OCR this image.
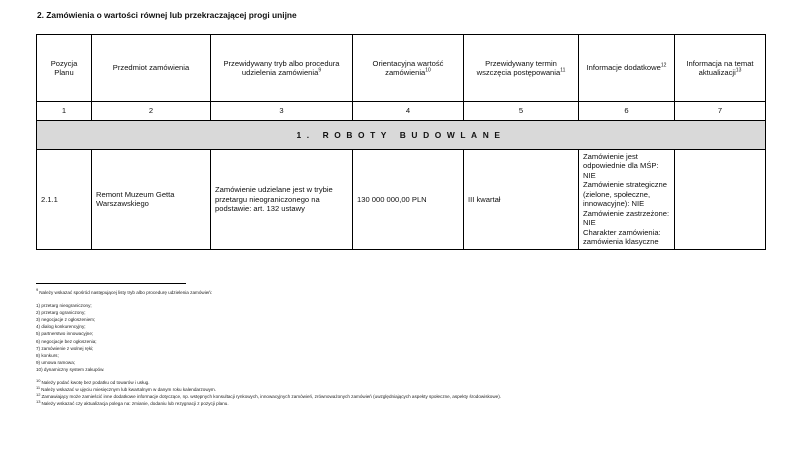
2. Zamówienia o wartości równej lub przekraczającej progi unijne
Pozycja Planu	Przedmiot zamówienia	Przewidywany tryb albo procedura udzielenia zamówienia$^9$	Orientacyjna wartość zamówienia$^{10}$	Przewidywany termin wszczęcia postępowania$^{11}$	Informacje dodatkowe$^{12}$	Informacja na temat aktualizacji$^{13}$
1	2	3	4	5	6	7
1. ROBOTY BUDOWLANE						
2.1.1	Remont Muzeum Getta Warszawskiego	Zamówienie udzielane jest w trybie przetargu nieograniczonego na podstawie: art. 132 ustawy	130 000 000,00 PLN	III kwartał	Zamówienie jest odpowiednie dla MŚP: NIE
Zamówienie strategiczne (zielone, społeczne, innowacyjne): NIE
Zamówienie zastrzeżone: NIE
Charakter zamówienia: zamówienia klasyczne	

9Należy wskazać spośród następującej listy tryb albo procedurę udzielenia zamówień:
1) przetarg nieograniczony;
2) przetarg ograniczony;
3) negocjacje z ogłoszeniem;
4) dialog konkurencyjny;
5) partnerstwo innowacyjne;
6) negocjacje bez ogłoszenia;
7) zamówienie z wolnej ręki;
8) konkurs;
9) umowa ramowa;
10) dynamiczny system zakupów.
10Należy podać kwotę bez podatku od towarów i usług.
11Należy wskazać w ujęciu miesięcznym lub kwartalnym w danym roku kalendarzowym.
12Zamawiający może zamieścić inne dodatkowe informacje dotyczące, np. wstępnych konsultacji rynkowych, innowacyjnych zamówień, zrównoważonych zamówień (uwzględniających aspekty społeczne, aspekty środowiskowe).
13Należy wskazać czy aktualizacja polega na: zmianie, dodaniu lub rezygnacji z pozycji planu.
